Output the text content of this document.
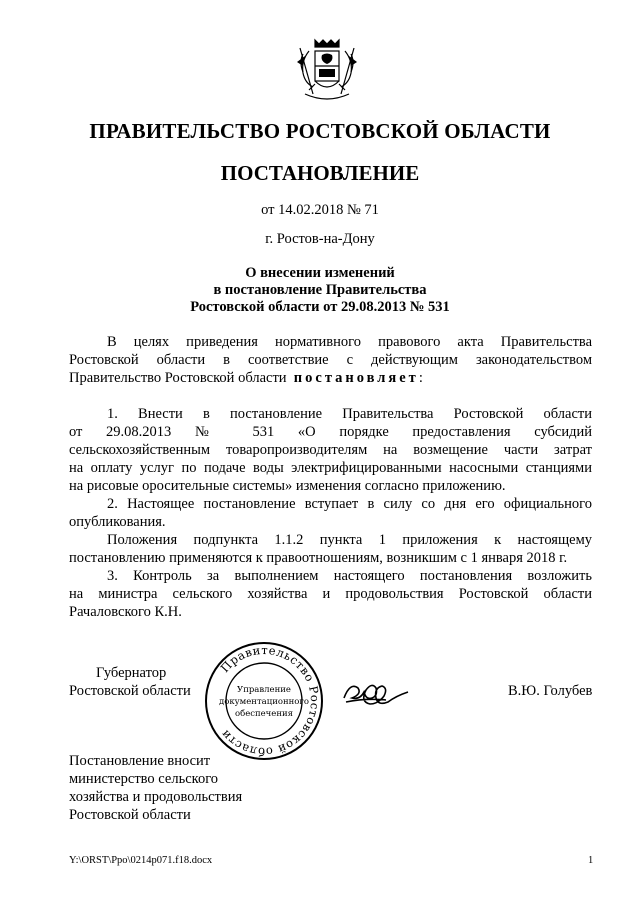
ПРАВИТЕЛЬСТВО РОСТОВСКОЙ ОБЛАСТИ
ПОСТАНОВЛЕНИЕ
от 14.02.2018 № 71
г. Ростов-на-Дону
О внесении изменений
в постановление Правительства
Ростовской области от 29.08.2013 № 531
В целях приведения нормативного правового акта Правительства
Ростовской области в соответствие с действующим законодательством
Правительство Ростовской области постановляет:
1. Внести в постановление Правительства Ростовской области
от 29.08.2013 № 531 «О порядке предоставления субсидий
сельскохозяйственным товаропроизводителям на возмещение части затрат
на оплату услуг по подаче воды электрифицированными насосными станциями
на рисовые оросительные системы» изменения согласно приложению.
2. Настоящее постановление вступает в силу со дня его официального
опубликования.
Положения подпункта 1.1.2 пункта 1 приложения к настоящему
постановлению применяются к правоотношениям, возникшим с 1 января 2018 г.
3. Контроль за выполнением настоящего постановления возложить
на министра сельского хозяйства и продовольствия Ростовской области
Рачаловского К.Н.
Губернатор
Ростовской области
Правительство Ростовской области
Управление
документационного
обеспечения
В.Ю. Голубев
Постановление вносит
министерство сельского
хозяйства и продовольствия
Ростовской области
Y:\ORST\Ppo\0214p071.f18.docx	1
